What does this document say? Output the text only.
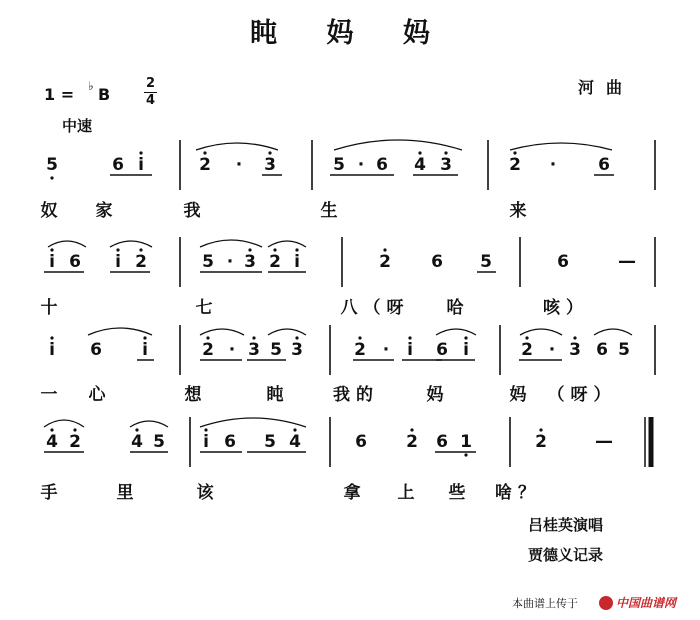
盹 妈 妈
1 = ♭ B
2
4
中速
河曲
5	6 i	2 · 3	5 · 6 4 3	2 · 6
奴 家	我	生	来
i 6 i 2	5 · 3 2 i	2 6 5	6	—
十	七	八（呀 哈	咳）
i 6 i	2 · 3 5 3	2 · i 6 i	2 · 3 6 5
一 心	想	盹	我的	妈	妈 （呀）
4 2	4 5 i 6 5 4	6 2 6 1	2	—
手	里	该	拿 上 些 啥？
吕桂英演唱
贾德义记录
本曲谱上传于	中国曲谱网
